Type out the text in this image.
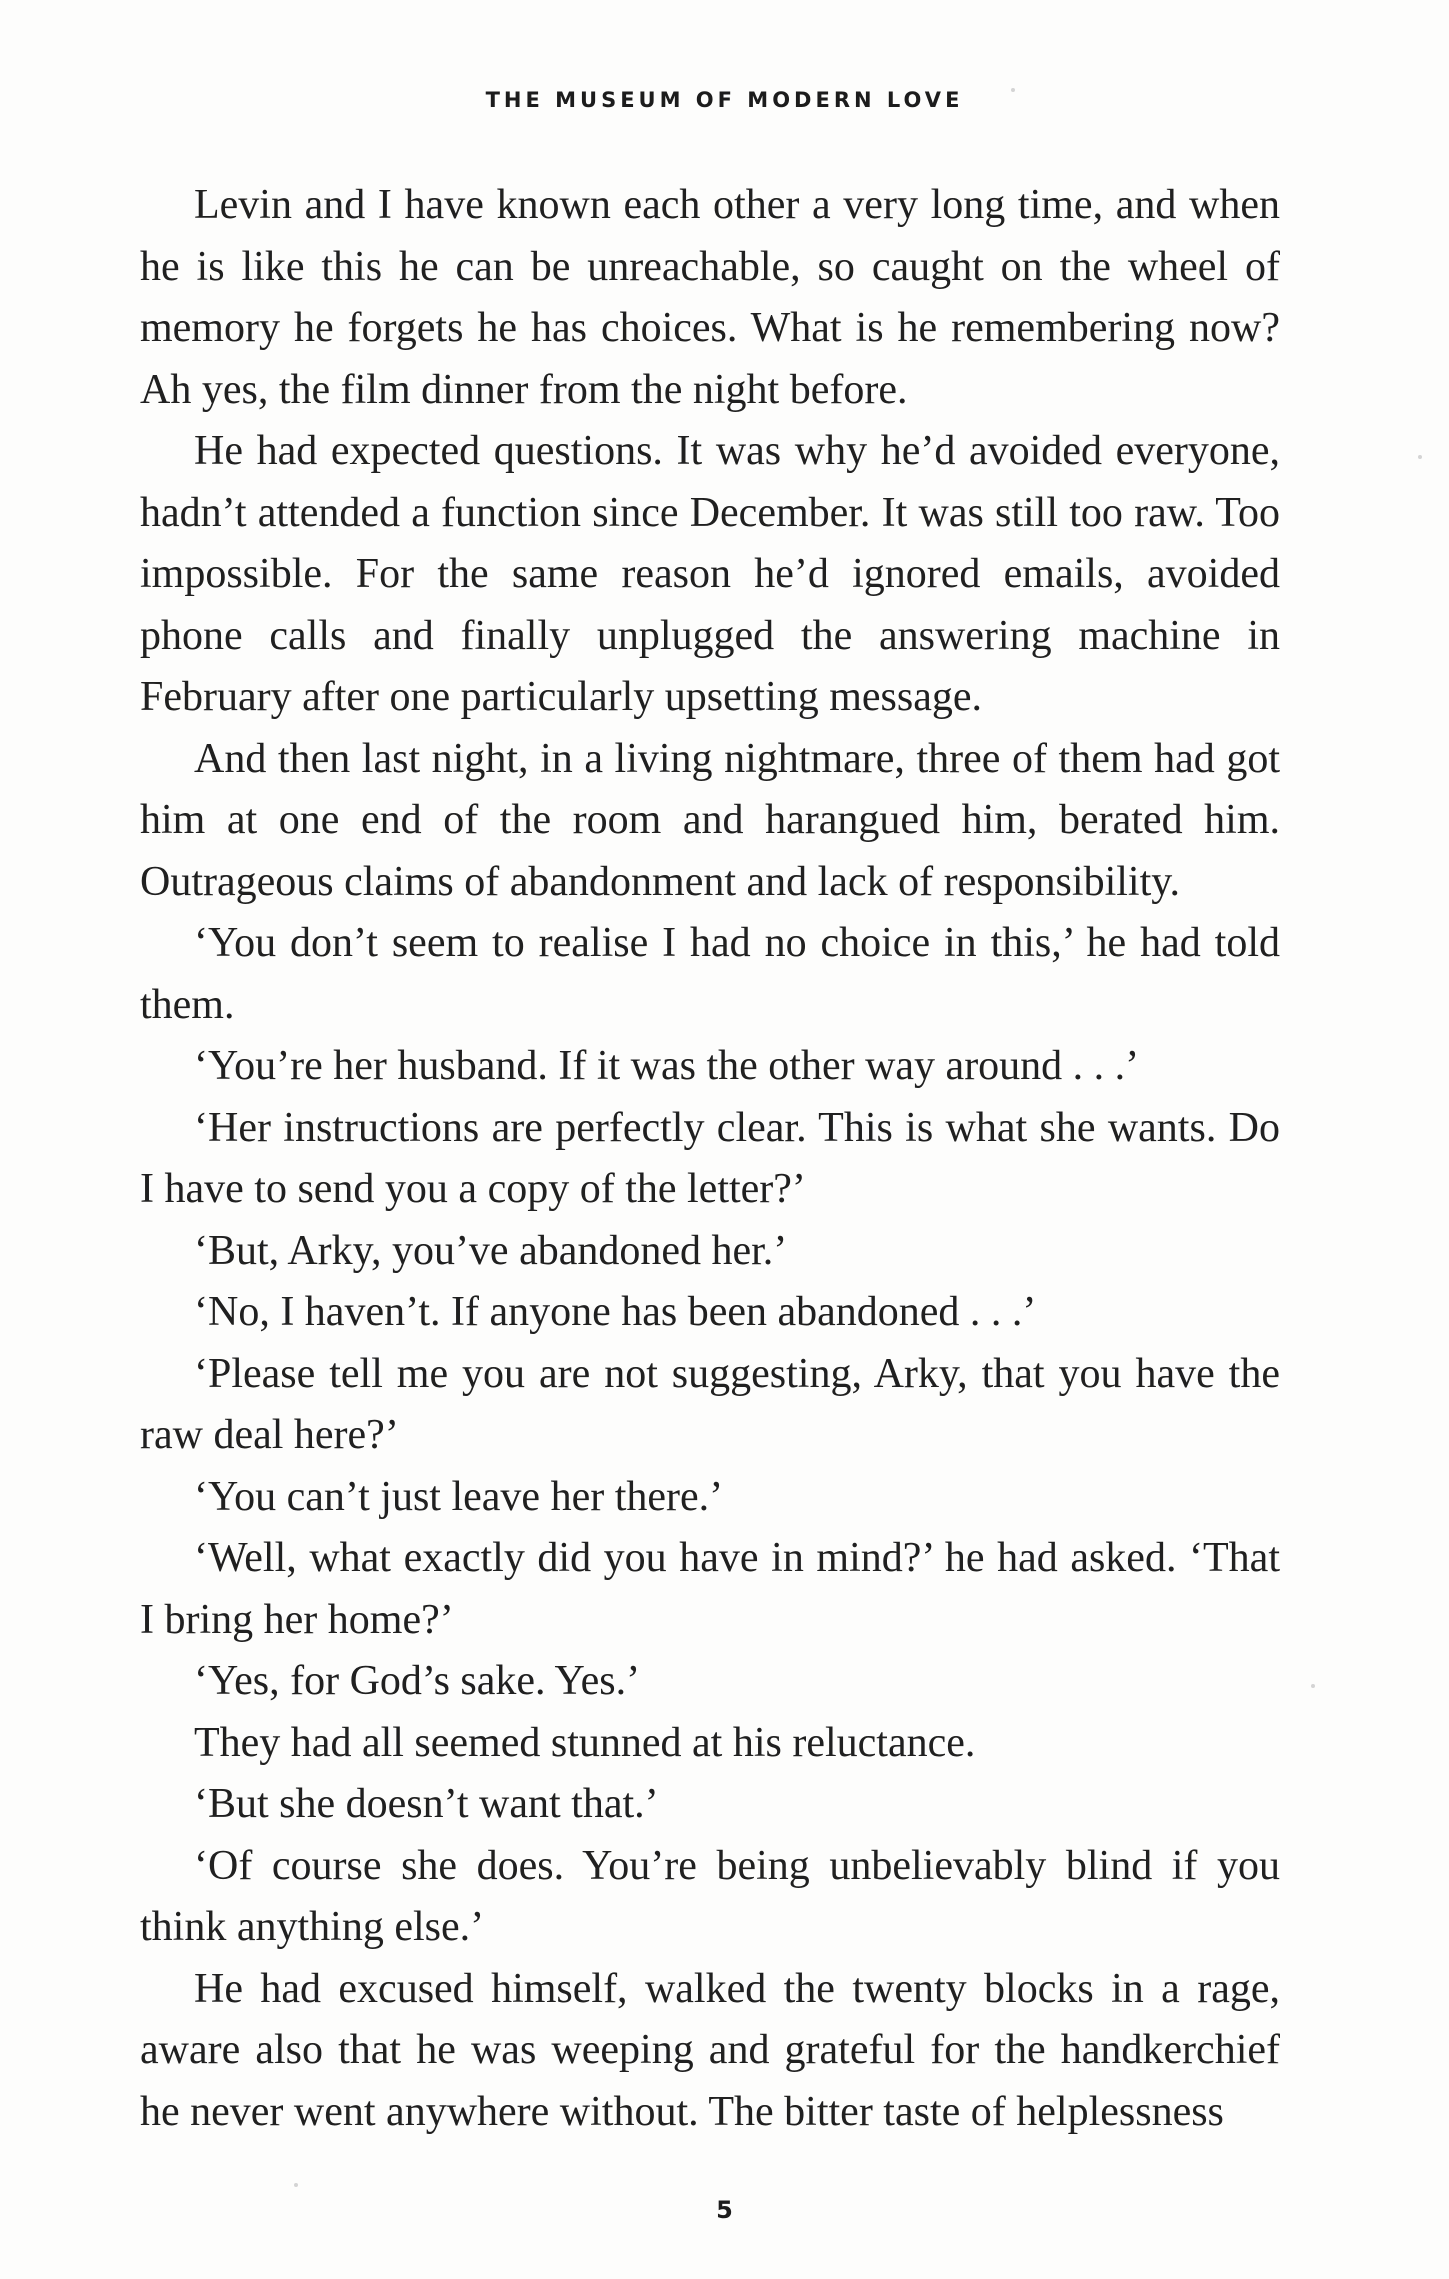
THE MUSEUM OF MODERN LOVE

Levin and I have known each other a very long time, and when he is like this he can be unreachable, so caught on the wheel of memory he forgets he has choices. What is he remembering now? Ah yes, the film dinner from the night before.

He had expected questions. It was why he’d avoided everyone, hadn’t attended a function since December. It was still too raw. Too impossible. For the same reason he’d ignored emails, avoided phone calls and finally unplugged the answering machine in February after one particularly upsetting message.

And then last night, in a living nightmare, three of them had got him at one end of the room and harangued him, berated him. Outrageous claims of abandonment and lack of responsibility.

‘You don’t seem to realise I had no choice in this,’ he had told them.

‘You’re her husband. If it was the other way around . . .’

‘Her instructions are perfectly clear. This is what she wants. Do I have to send you a copy of the letter?’

‘But, Arky, you’ve abandoned her.’

‘No, I haven’t. If anyone has been abandoned . . .’

‘Please tell me you are not suggesting, Arky, that you have the raw deal here?’

‘You can’t just leave her there.’

‘Well, what exactly did you have in mind?’ he had asked. ‘That I bring her home?’

‘Yes, for God’s sake. Yes.’

They had all seemed stunned at his reluctance.

‘But she doesn’t want that.’

‘Of course she does. You’re being unbelievably blind if you think anything else.’

He had excused himself, walked the twenty blocks in a rage, aware also that he was weeping and grateful for the handkerchief he never went anywhere without. The bitter taste of helplessness

5
